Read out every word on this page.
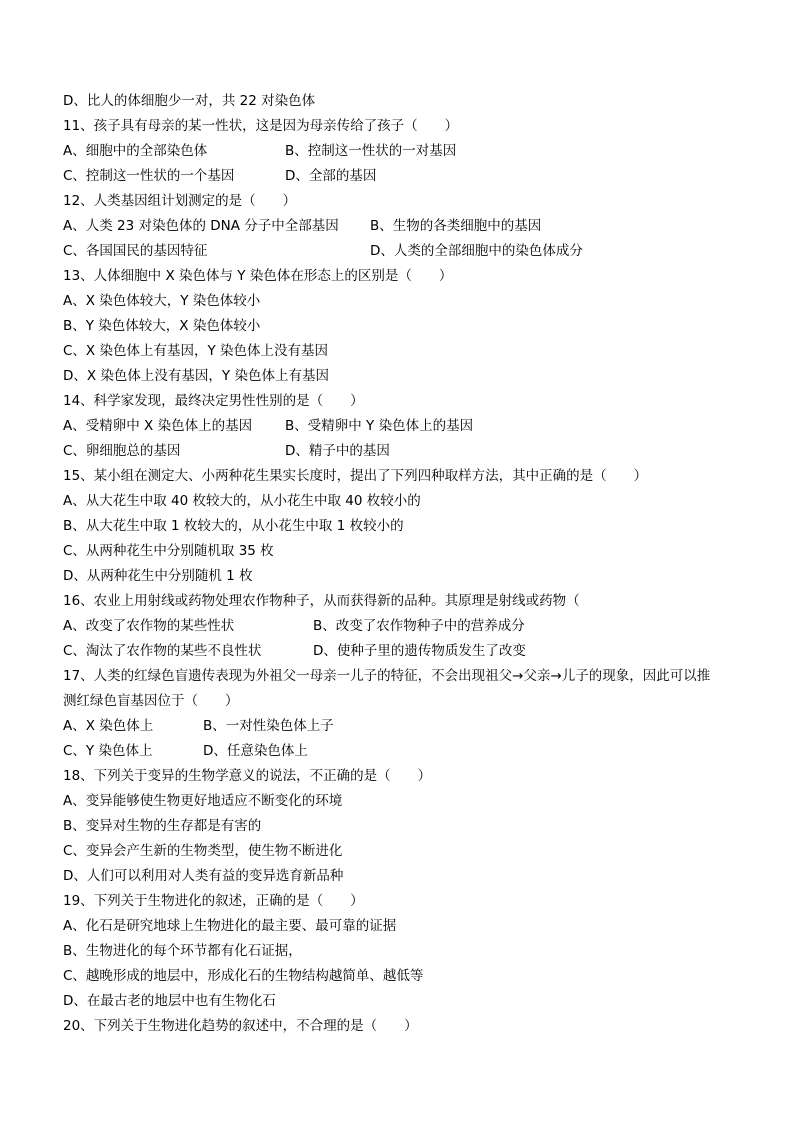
D、比人的体细胞少一对，共 22 对染色体
11、孩子具有母亲的某一性状，这是因为母亲传给了孩子（　　）
A、细胞中的全部染色体	B、控制这一性状的一对基因
C、控制这一性状的一个基因	D、全部的基因
12、人类基因组计划测定的是（　　）
A、人类 23 对染色体的 DNA 分子中全部基因 B、生物的各类细胞中的基因
C、各国国民的基因特征	D、人类的全部细胞中的染色体成分
13、人体细胞中 X 染色体与 Y 染色体在形态上的区别是（　　）
A、X 染色体较大，Y 染色体较小
B、Y 染色体较大，X 染色体较小
C、X 染色体上有基因，Y 染色体上没有基因
D、X 染色体上没有基因，Y 染色体上有基因
14、科学家发现，最终决定男性性别的是（　　）
A、受精卵中 X 染色体上的基因 B、受精卵中 Y 染色体上的基因
C、卵细胞总的基因	D、精子中的基因
15、某小组在测定大、小两种花生果实长度时，提出了下列四种取样方法，其中正确的是（　　）
A、从大花生中取 40 枚较大的，从小花生中取 40 枚较小的
B、从大花生中取 1 枚较大的，从小花生中取 1 枚较小的
C、从两种花生中分别随机取 35 枚
D、从两种花生中分别随机 1 枚
16、农业上用射线或药物处理农作物种子，从而获得新的品种。其原理是射线或药物（
A、改变了农作物的某些性状	B、改变了农作物种子中的营养成分
C、淘汰了农作物的某些不良性状	D、使种子里的遗传物质发生了改变
17、人类的红绿色盲遗传表现为外祖父一母亲一儿子的特征，不会出现祖父→父亲→儿子的现象，因此可以推
测红绿色盲基因位于（　　）
A、X 染色体上	B、一对性染色体上子
C、Y 染色体上	D、任意染色体上
18、下列关于变异的生物学意义的说法，不正确的是（　　）
A、变异能够使生物更好地适应不断变化的环境
B、变异对生物的生存都是有害的
C、变异会产生新的生物类型，使生物不断进化
D、人们可以利用对人类有益的变异选育新品种
19、下列关于生物进化的叙述，正确的是（　　）
A、化石是研究地球上生物进化的最主要、最可靠的证据
B、生物进化的每个环节都有化石证据，
C、越晚形成的地层中，形成化石的生物结构越简单、越低等
D、在最古老的地层中也有生物化石
20、下列关于生物进化趋势的叙述中，不合理的是（　　）
